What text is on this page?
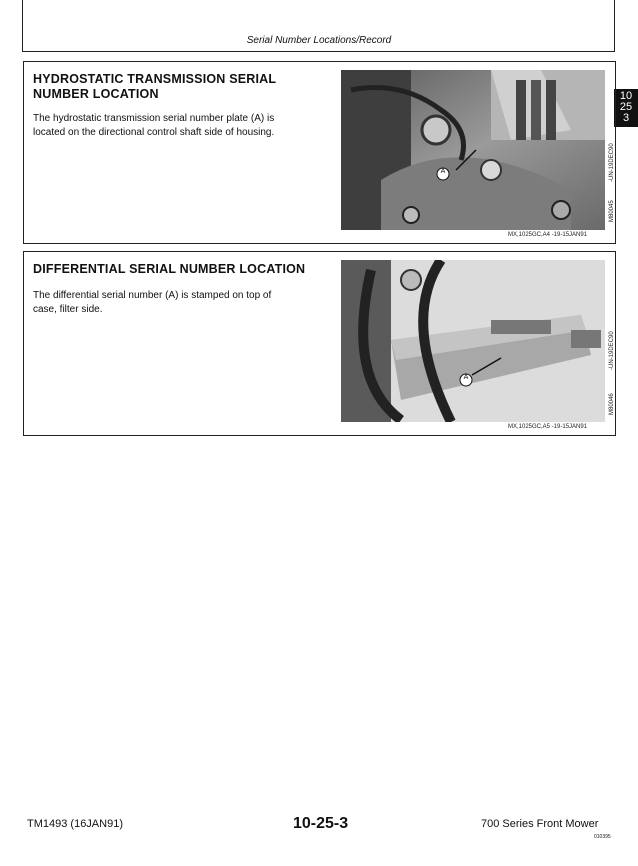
Serial Number Locations/Record
10
25
3
HYDROSTATIC TRANSMISSION SERIAL
NUMBER LOCATION
The hydrostatic transmission serial number plate (A) is
located on the directional control shaft side of housing.
A
M80045
-UN-19DEC90
MX,1025GC,A4 -19-15JAN91
DIFFERENTIAL SERIAL NUMBER LOCATION
The differential serial number (A) is stamped on top of
case, filter side.
A
M80046
-UN-19DEC90
MX,1025GC,A5 -19-15JAN91
TM1493 (16JAN91)	10-25-3	700 Series Front Mower
010395
